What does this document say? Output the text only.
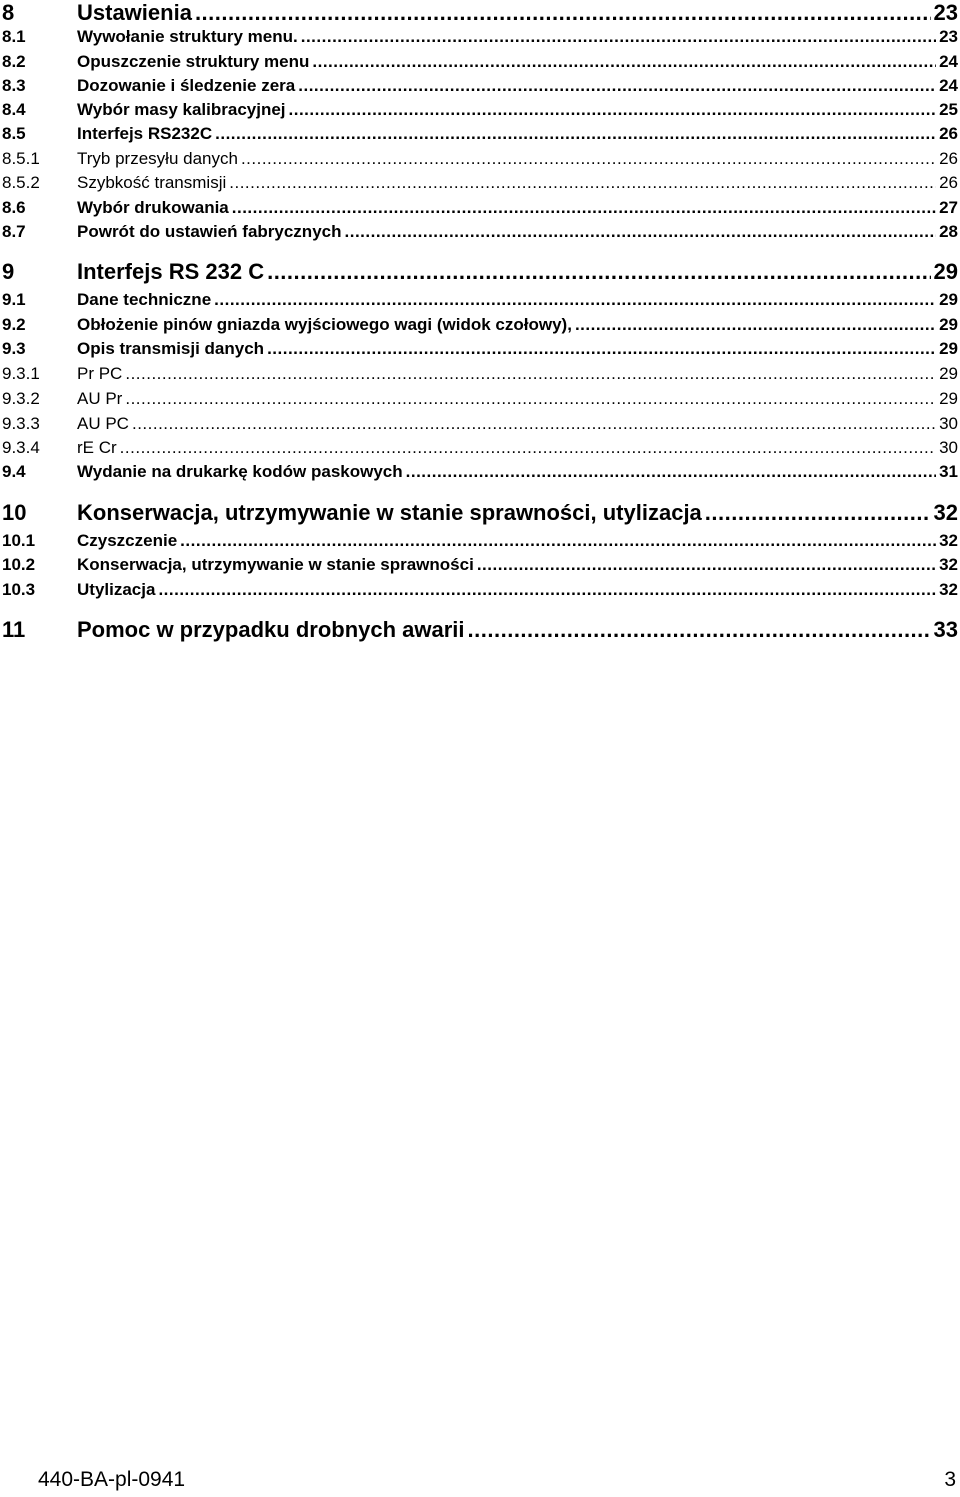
8	Ustawienia .....	23
8.1	Wywołanie struktury menu. .....	23
8.2	Opuszczenie struktury menu .....	24
8.3	Dozowanie i śledzenie zera .....	24
8.4	Wybór masy kalibracyjnej .....	25
8.5	Interfejs RS232C .....	26
8.5.1	Tryb przesyłu danych .....	26
8.5.2	Szybkość transmisji .....	26
8.6	Wybór drukowania .....	27
8.7	Powrót do ustawień fabrycznych .....	28
9	Interfejs RS 232 C .....	29
9.1	Dane techniczne .....	29
9.2	Obłożenie pinów gniazda wyjściowego wagi (widok czołowy), .....	29
9.3	Opis transmisji danych .....	29
9.3.1	Pr PC .....	29
9.3.2	AU Pr .....	29
9.3.3	AU PC .....	30
9.3.4	rE Cr .....	30
9.4	Wydanie na drukarkę kodów paskowych .....	31
10	Konserwacja, utrzymywanie w stanie sprawności, utylizacja .....	32
10.1	Czyszczenie .....	32
10.2	Konserwacja, utrzymywanie w stanie sprawności .....	32
10.3	Utylizacja .....	32
11	Pomoc w przypadku drobnych awarii .....	33
440-BA-pl-0941	3
